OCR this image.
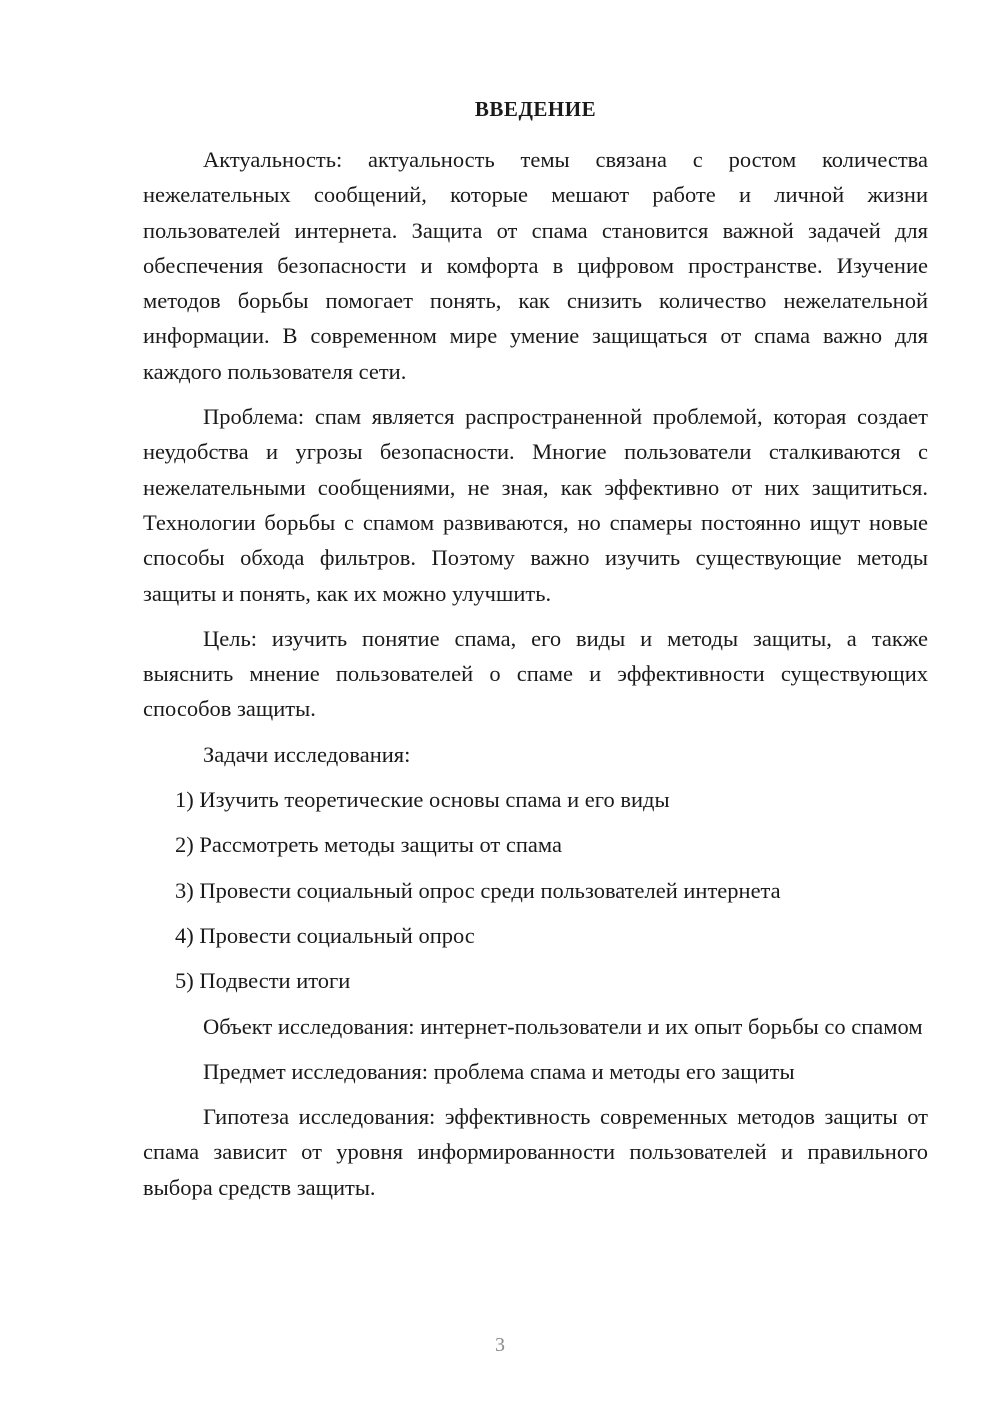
ВВЕДЕНИЕ

Актуальность: актуальность темы связана с ростом количества нежелательных сообщений, которые мешают работе и личной жизни пользователей интернета. Защита от спама становится важной задачей для обеспечения безопасности и комфорта в цифровом пространстве. Изучение методов борьбы помогает понять, как снизить количество нежелательной информации. В современном мире умение защищаться от спама важно для каждого пользователя сети.

Проблема: спам является распространенной проблемой, которая создает неудобства и угрозы безопасности. Многие пользователи сталкиваются с нежелательными сообщениями, не зная, как эффективно от них защититься. Технологии борьбы с спамом развиваются, но спамеры постоянно ищут новые способы обхода фильтров. Поэтому важно изучить существующие методы защиты и понять, как их можно улучшить.

Цель: изучить понятие спама, его виды и методы защиты, а также выяснить мнение пользователей о спаме и эффективности существующих способов защиты.

Задачи исследования:

1) Изучить теоретические основы спама и его виды
2) Рассмотреть методы защиты от спама
3) Провести социальный опрос среди пользователей интернета
4) Провести социальный опрос
5) Подвести итоги

Объект исследования: интернет-пользователи и их опыт борьбы со спамом

Предмет исследования: проблема спама и методы его защиты

Гипотеза исследования: эффективность современных методов защиты от спама зависит от уровня информированности пользователей и правильного выбора средств защиты.

3
